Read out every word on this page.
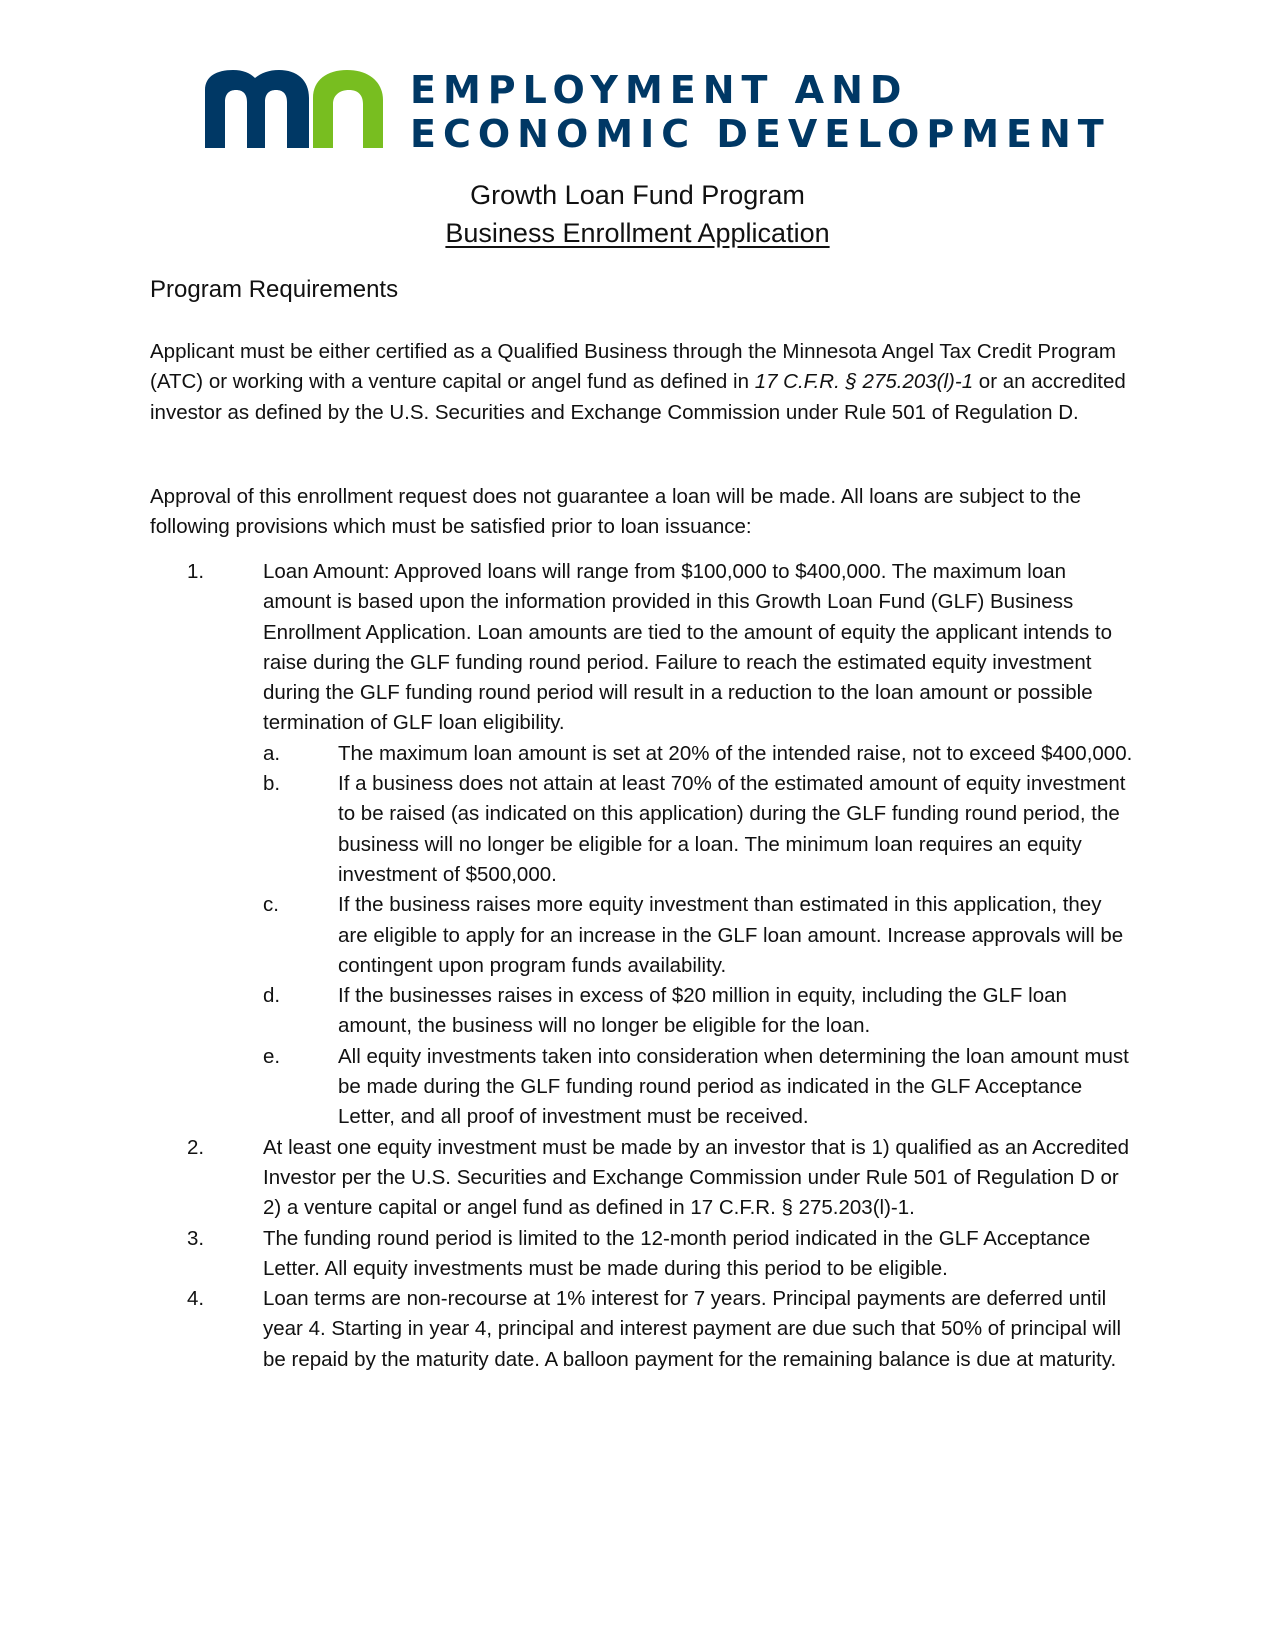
EMPLOYMENT AND
ECONOMIC DEVELOPMENT
Growth Loan Fund Program
Business Enrollment Application
Program Requirements

Applicant must be either certified as a Qualified Business through the Minnesota Angel Tax Credit Program (ATC) or working with a venture capital or angel fund as defined in 17 C.F.R. § 275.203(l)-1 or an accredited investor as defined by the U.S. Securities and Exchange Commission under Rule 501 of Regulation D.

Approval of this enrollment request does not guarantee a loan will be made. All loans are subject to the following provisions which must be satisfied prior to loan issuance:

1.	Loan Amount: Approved loans will range from $100,000 to $400,000. The maximum loan amount is based upon the information provided in this Growth Loan Fund (GLF) Business Enrollment Application. Loan amounts are tied to the amount of equity the applicant intends to raise during the GLF funding round period. Failure to reach the estimated equity investment during the GLF funding round period will result in a reduction to the loan amount or possible termination of GLF loan eligibility.
a.	The maximum loan amount is set at 20% of the intended raise, not to exceed $400,000.
b.	If a business does not attain at least 70% of the estimated amount of equity investment to be raised (as indicated on this application) during the GLF funding round period, the business will no longer be eligible for a loan. The minimum loan requires an equity investment of $500,000.
c.	If the business raises more equity investment than estimated in this application, they are eligible to apply for an increase in the GLF loan amount. Increase approvals will be contingent upon program funds availability.
d.	If the businesses raises in excess of $20 million in equity, including the GLF loan amount, the business will no longer be eligible for the loan.
e.	All equity investments taken into consideration when determining the loan amount must be made during the GLF funding round period as indicated in the GLF Acceptance Letter, and all proof of investment must be received.
2.	At least one equity investment must be made by an investor that is 1) qualified as an Accredited Investor per the U.S. Securities and Exchange Commission under Rule 501 of Regulation D or 2) a venture capital or angel fund as defined in 17 C.F.R. § 275.203(l)-1.
3.	The funding round period is limited to the 12-month period indicated in the GLF Acceptance Letter. All equity investments must be made during this period to be eligible.
4.	Loan terms are non-recourse at 1% interest for 7 years. Principal payments are deferred until year 4. Starting in year 4, principal and interest payment are due such that 50% of principal will be repaid by the maturity date. A balloon payment for the remaining balance is due at maturity.
